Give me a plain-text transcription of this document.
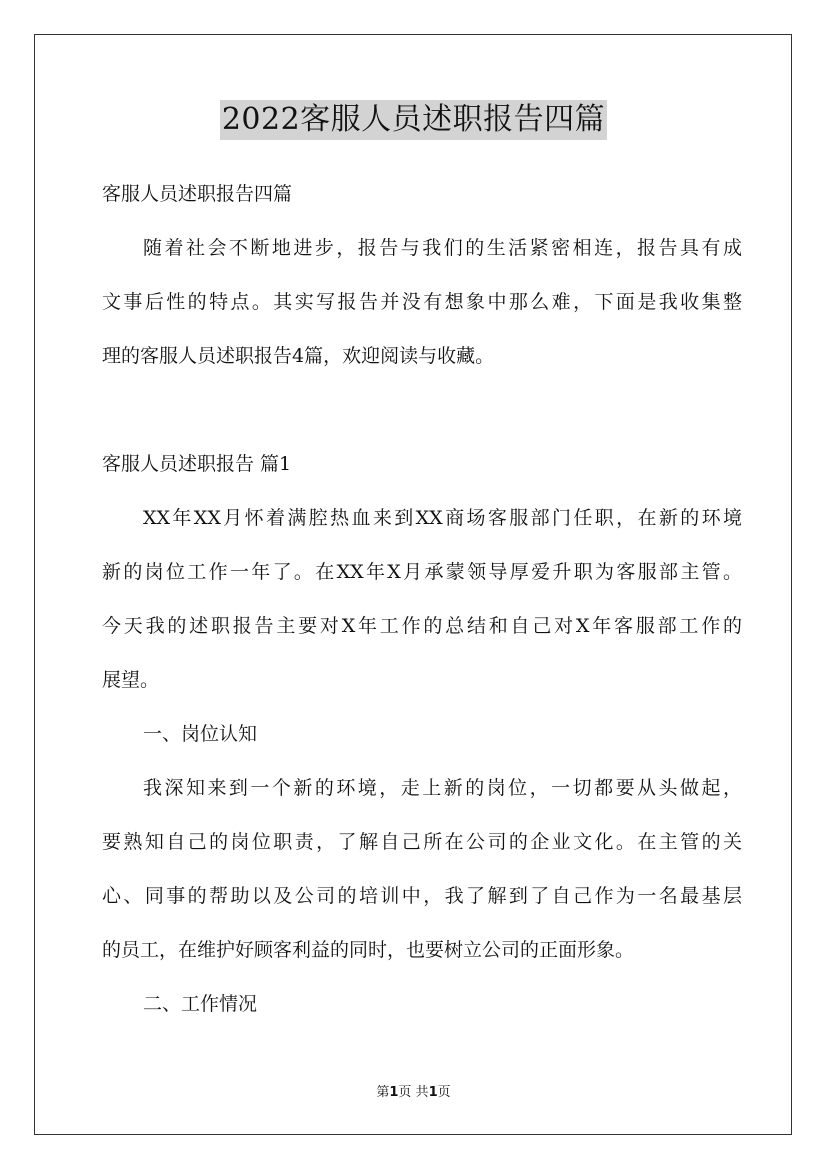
2022客服人员述职报告四篇
客服人员述职报告四篇
随着社会不断地进步，报告与我们的生活紧密相连，报告具有成
文事后性的特点。其实写报告并没有想象中那么难，下面是我收集整
理的客服人员述职报告4篇，欢迎阅读与收藏。
客服人员述职报告 篇1
XX年XX月怀着满腔热血来到XX商场客服部门任职，在新的环境
新的岗位工作一年了。在XX年X月承蒙领导厚爱升职为客服部主管。
今天我的述职报告主要对X年工作的总结和自己对X年客服部工作的
展望。
一、岗位认知
我深知来到一个新的环境，走上新的岗位，一切都要从头做起，
要熟知自己的岗位职责，了解自己所在公司的企业文化。在主管的关
心、同事的帮助以及公司的培训中，我了解到了自己作为一名最基层
的员工，在维护好顾客利益的同时，也要树立公司的正面形象。
二、工作情况
第1页 共1页
